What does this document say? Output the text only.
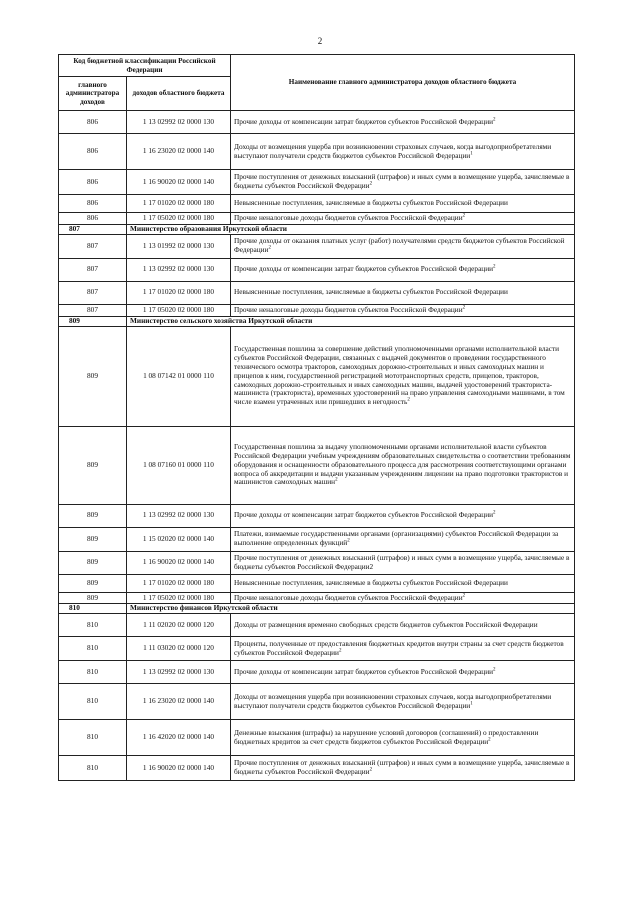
2
Код бюджетной классификации Российской Федерации		Наименование главного администратора доходов областного бюджета
главного администратора доходов	доходов областного бюджета	
806	1 13 02992 02 0000 130	Прочие доходы от компенсации затрат бюджетов субъектов Российской Федерации$^2$
806	1 16 23020 02 0000 140	Доходы от возмещения ущерба при возникновении страховых случаев, когда выгодоприобретателями выступают получатели средств бюджетов субъектов Российской Федерации$^1$
806	1 16 90020 02 0000 140	Прочие поступления от денежных взысканий (штрафов) и иных сумм в возмещение ущерба, зачисляемые в бюджеты субъектов Российской Федерации$^2$
806	1 17 01020 02 0000 180	Невыясненные поступления, зачисляемые в бюджеты субъектов Российской Федерации
806	1 17 05020 02 0000 180	Прочие неналоговые доходы бюджетов субъектов Российской Федерации$^2$
807	Министерство образования Иркутской области	
807	1 13 01992 02 0000 130	Прочие доходы от оказания платных услуг (работ) получателями средств бюджетов субъектов Российской Федерации$^2$
807	1 13 02992 02 0000 130	Прочие доходы от компенсации затрат бюджетов субъектов Российской Федерации$^2$
807	1 17 01020 02 0000 180	Невыясненные поступления, зачисляемые в бюджеты субъектов Российской Федерации
807	1 17 05020 02 0000 180	Прочие неналоговые доходы бюджетов субъектов Российской Федерации$^2$
809	Министерство сельского хозяйства Иркутской области	
809	1 08 07142 01 0000 110	Государственная пошлина за совершение действий уполномоченными органами исполнительной власти субъектов Российской Федерации, связанных с выдачей документов о проведении государственного технического осмотра тракторов, самоходных дорожно-строительных и иных самоходных машин и прицепов к ним, государственной регистрацией мототранспортных средств, прицепов, тракторов, самоходных дорожно-строительных и иных самоходных машин, выдачей удостоверений тракториста-машиниста (тракториста), временных удостоверений на право управления самоходными машинами, в том числе взамен утраченных или пришедших в негодность$^2$
809	1 08 07160 01 0000 110	Государственная пошлина за выдачу уполномоченными органами исполнительной власти субъектов Российской Федерации учебным учреждениям образовательных свидетельства о соответствии требованиям оборудования и оснащенности образовательного процесса для рассмотрения соответствующими органами вопроса об аккредитации и выдачи указанным учреждениям лицензии на право подготовки трактористов и машинистов самоходных машин$^2$
809	1 13 02992 02 0000 130	Прочие доходы от компенсации затрат бюджетов субъектов Российской Федерации$^2$
809	1 15 02020 02 0000 140	Платежи, взимаемые государственными органами (организациями) субъектов Российской Федерации за выполнение определенных функций$^2$
809	1 16 90020 02 0000 140	Прочие поступления от денежных взысканий (штрафов) и иных сумм в возмещение ущерба, зачисляемые в бюджеты субъектов Российской Федерации2
809	1 17 01020 02 0000 180	Невыясненные поступления, зачисляемые в бюджеты субъектов Российской Федерации
809	1 17 05020 02 0000 180	Прочие неналоговые доходы бюджетов субъектов Российской Федерации$^2$
810	Министерство финансов Иркутской области	
810	1 11 02020 02 0000 120	Доходы от размещения временно свободных средств бюджетов субъектов Российской Федерации
810	1 11 03020 02 0000 120	Проценты, полученные от предоставления бюджетных кредитов внутри страны за счет средств бюджетов субъектов Российской Федерации$^2$
810	1 13 02992 02 0000 130	Прочие доходы от компенсации затрат бюджетов субъектов Российской Федерации$^2$
810	1 16 23020 02 0000 140	Доходы от возмещения ущерба при возникновении страховых случаев, когда выгодоприобретателями выступают получатели средств бюджетов субъектов Российской Федерации$^1$
810	1 16 42020 02 0000 140	Денежные взыскания (штрафы) за нарушение условий договоров (соглашений) о предоставлении бюджетных кредитов за счет средств бюджетов субъектов Российской Федерации$^2$
810	1 16 90020 02 0000 140	Прочие поступления от денежных взысканий (штрафов) и иных сумм в возмещение ущерба, зачисляемые в бюджеты субъектов Российской Федерации$^2$
